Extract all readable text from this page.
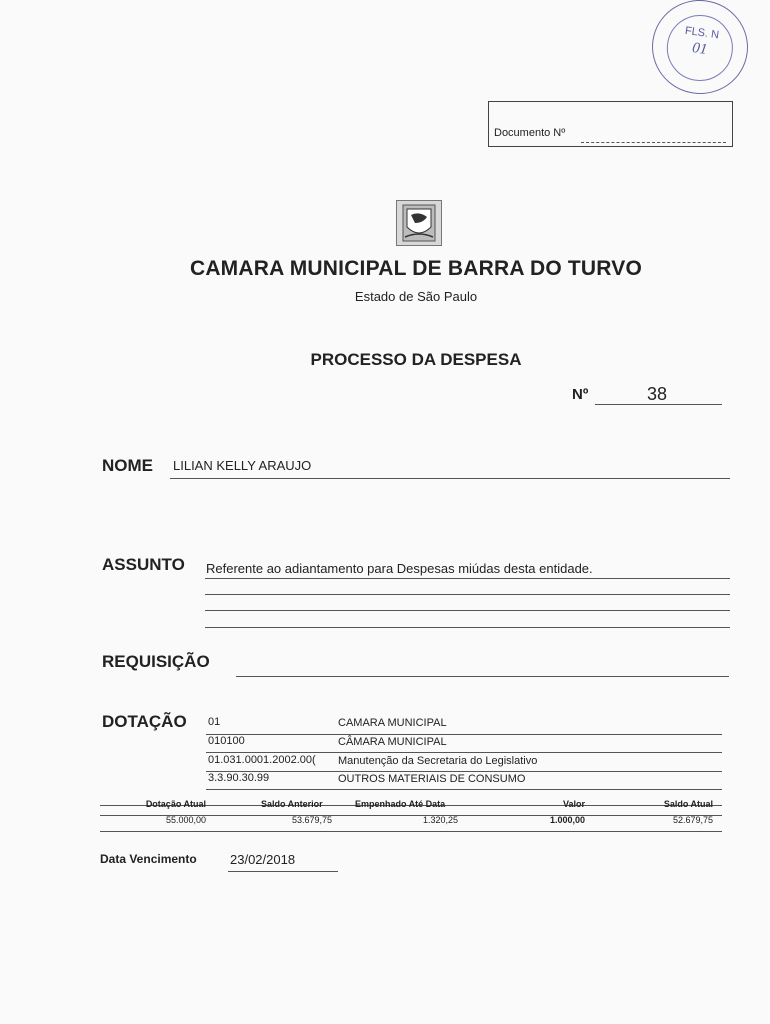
FLS. N
01
Documento Nº
CAMARA MUNICIPAL DE BARRA DO TURVO
Estado de São Paulo
PROCESSO DA DESPESA
Nº	38
NOME LILIAN KELLY ARAUJO
ASSUNTO Referente ao adiantamento para Despesas miúdas desta entidade.
REQUISIÇÃO
DOTAÇÃO 01	CAMARA MUNICIPAL
010100	CÂMARA MUNICIPAL
01.031.0001.2002.00( Manutenção da Secretaria do Legislativo
3.3.90.30.99	OUTROS MATERIAIS DE CONSUMO
Dotação Atual	Saldo Anterior	Empenhado Até Data	Valor	Saldo Atual
55.000,00	53.679,75	1.320,25	1.000,00	52.679,75
Data Vencimento	23/02/2018
